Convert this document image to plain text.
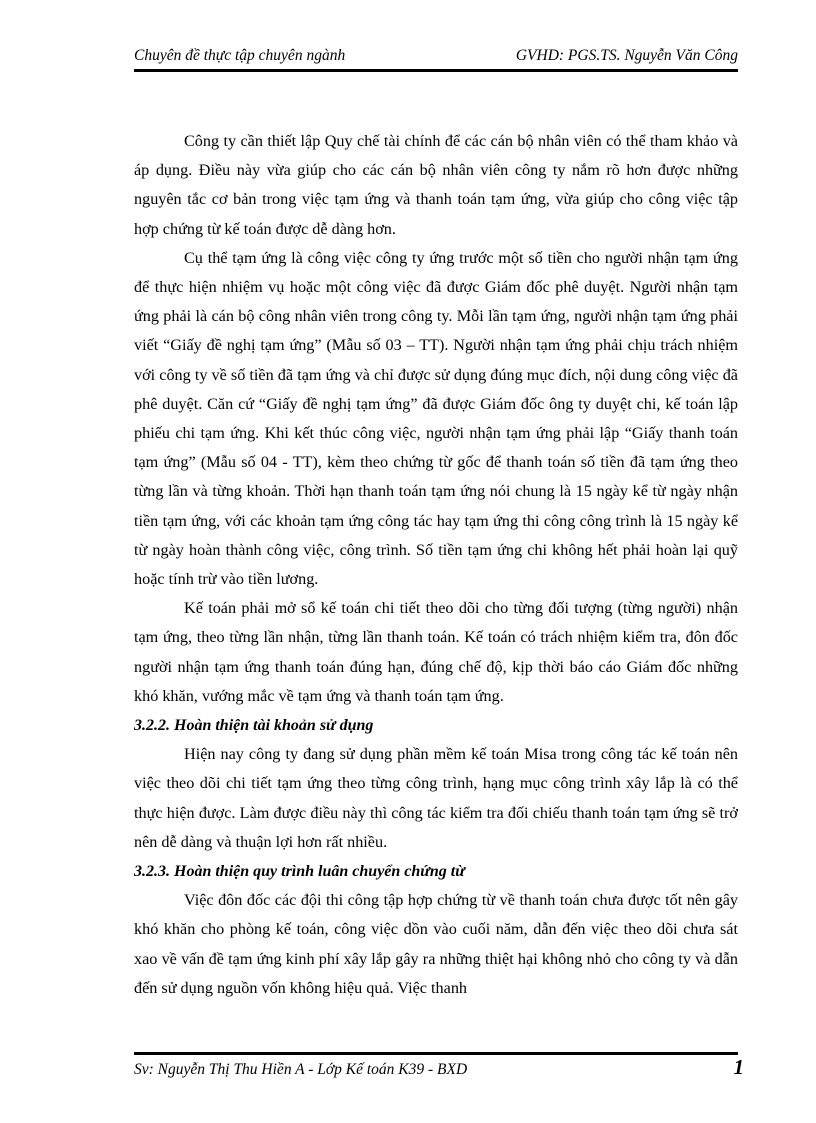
Chuyên đề thực tập chuyên ngành	GVHD: PGS.TS. Nguyễn Văn Công

Công ty cần thiết lập Quy chế tài chính để các cán bộ nhân viên có thể tham khảo và áp dụng. Điều này vừa giúp cho các cán bộ nhân viên công ty nắm rõ hơn được những nguyên tắc cơ bản trong việc tạm ứng và thanh toán tạm ứng, vừa giúp cho công việc tập hợp chứng từ kế toán được dễ dàng hơn.

Cụ thể tạm ứng là công việc công ty ứng trước một số tiền cho người nhận tạm ứng để thực hiện nhiệm vụ hoặc một công việc đã được Giám đốc phê duyệt. Người nhận tạm ứng phải là cán bộ công nhân viên trong công ty. Mỗi lần tạm ứng, người nhận tạm ứng phải viết “Giấy đề nghị tạm ứng” (Mẫu số 03 – TT). Người nhận tạm ứng phải chịu trách nhiệm với công ty về số tiền đã tạm ứng và chỉ được sử dụng đúng mục đích, nội dung công việc đã phê duyệt. Căn cứ “Giấy đề nghị tạm ứng” đã được Giám đốc ông ty duyệt chi, kế toán lập phiếu chi tạm ứng. Khi kết thúc công việc, người nhận tạm ứng phải lập “Giấy thanh toán tạm ứng” (Mẫu số 04 - TT), kèm theo chứng từ gốc để thanh toán số tiền đã tạm ứng theo từng lần và từng khoản. Thời hạn thanh toán tạm ứng nói chung là 15 ngày kể từ ngày nhận tiền tạm ứng, với các khoản tạm ứng công tác hay tạm ứng thi công công trình là 15 ngày kể từ ngày hoàn thành công việc, công trình. Số tiền tạm ứng chi không hết phải hoàn lại quỹ hoặc tính trừ vào tiền lương.

Kế toán phải mở sổ kế toán chi tiết theo dõi cho từng đối tượng (từng người) nhận tạm ứng, theo từng lần nhận, từng lần thanh toán. Kế toán có trách nhiệm kiểm tra, đôn đốc người nhận tạm ứng thanh toán đúng hạn, đúng chế độ, kịp thời báo cáo Giám đốc những khó khăn, vướng mắc về tạm ứng và thanh toán tạm ứng.

3.2.2. Hoàn thiện tài khoản sử dụng

Hiện nay công ty đang sử dụng phần mềm kế toán Misa trong công tác kế toán nên việc theo dõi chi tiết tạm ứng theo từng công trình, hạng mục công trình xây lắp là có thể thực hiện được. Làm được điều này thì công tác kiểm tra đối chiếu thanh toán tạm ứng sẽ trở nên dễ dàng và thuận lợi hơn rất nhiều.

3.2.3. Hoàn thiện quy trình luân chuyển chứng từ

Việc đôn đốc các đội thi công tập hợp chứng từ về thanh toán chưa được tốt nên gây khó khăn cho phòng kế toán, công việc dồn vào cuối năm, dẫn đến việc theo dõi chưa sát xao về vấn đề tạm ứng kinh phí xây lắp gây ra những thiệt hại không nhỏ cho công ty và dẫn đến sử dụng nguồn vốn không hiệu quả. Việc thanh

Sv: Nguyễn Thị Thu Hiền A - Lớp Kế toán K39 - BXD	1
